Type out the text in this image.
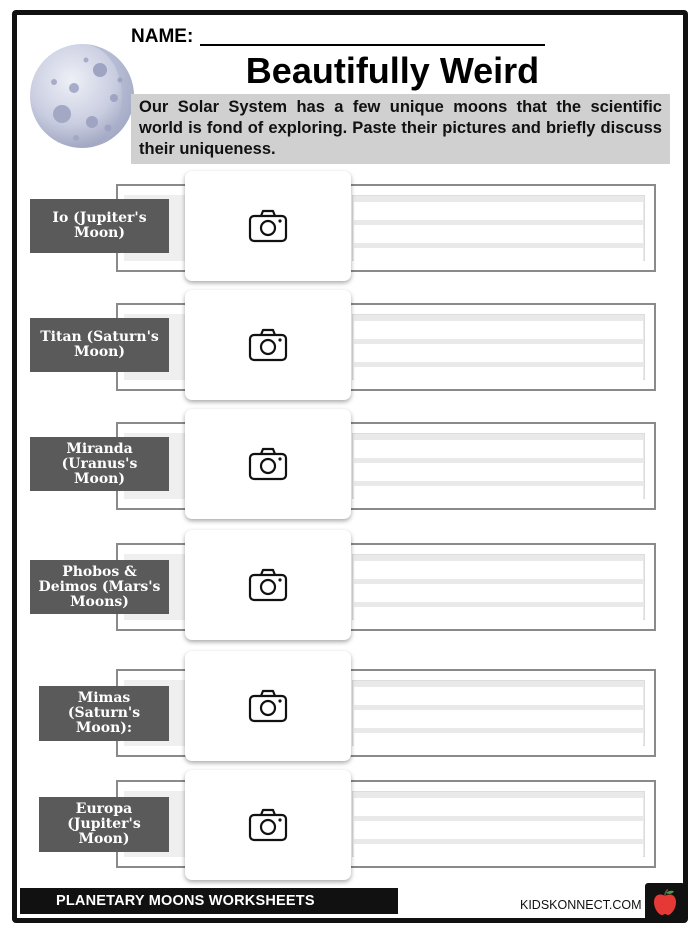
NAME:
Beautifully Weird
Our Solar System has a few unique moons that the scientific world is fond of exploring. Paste their pictures and briefly discuss their uniqueness.
Io (Jupiter's Moon)
Titan (Saturn's Moon)
Miranda (Uranus's Moon)
Phobos & Deimos (Mars's Moons)
Mimas (Saturn's Moon):
Europa (Jupiter's Moon)
PLANETARY MOONS WORKSHEETS	KIDSKONNECT.COM
